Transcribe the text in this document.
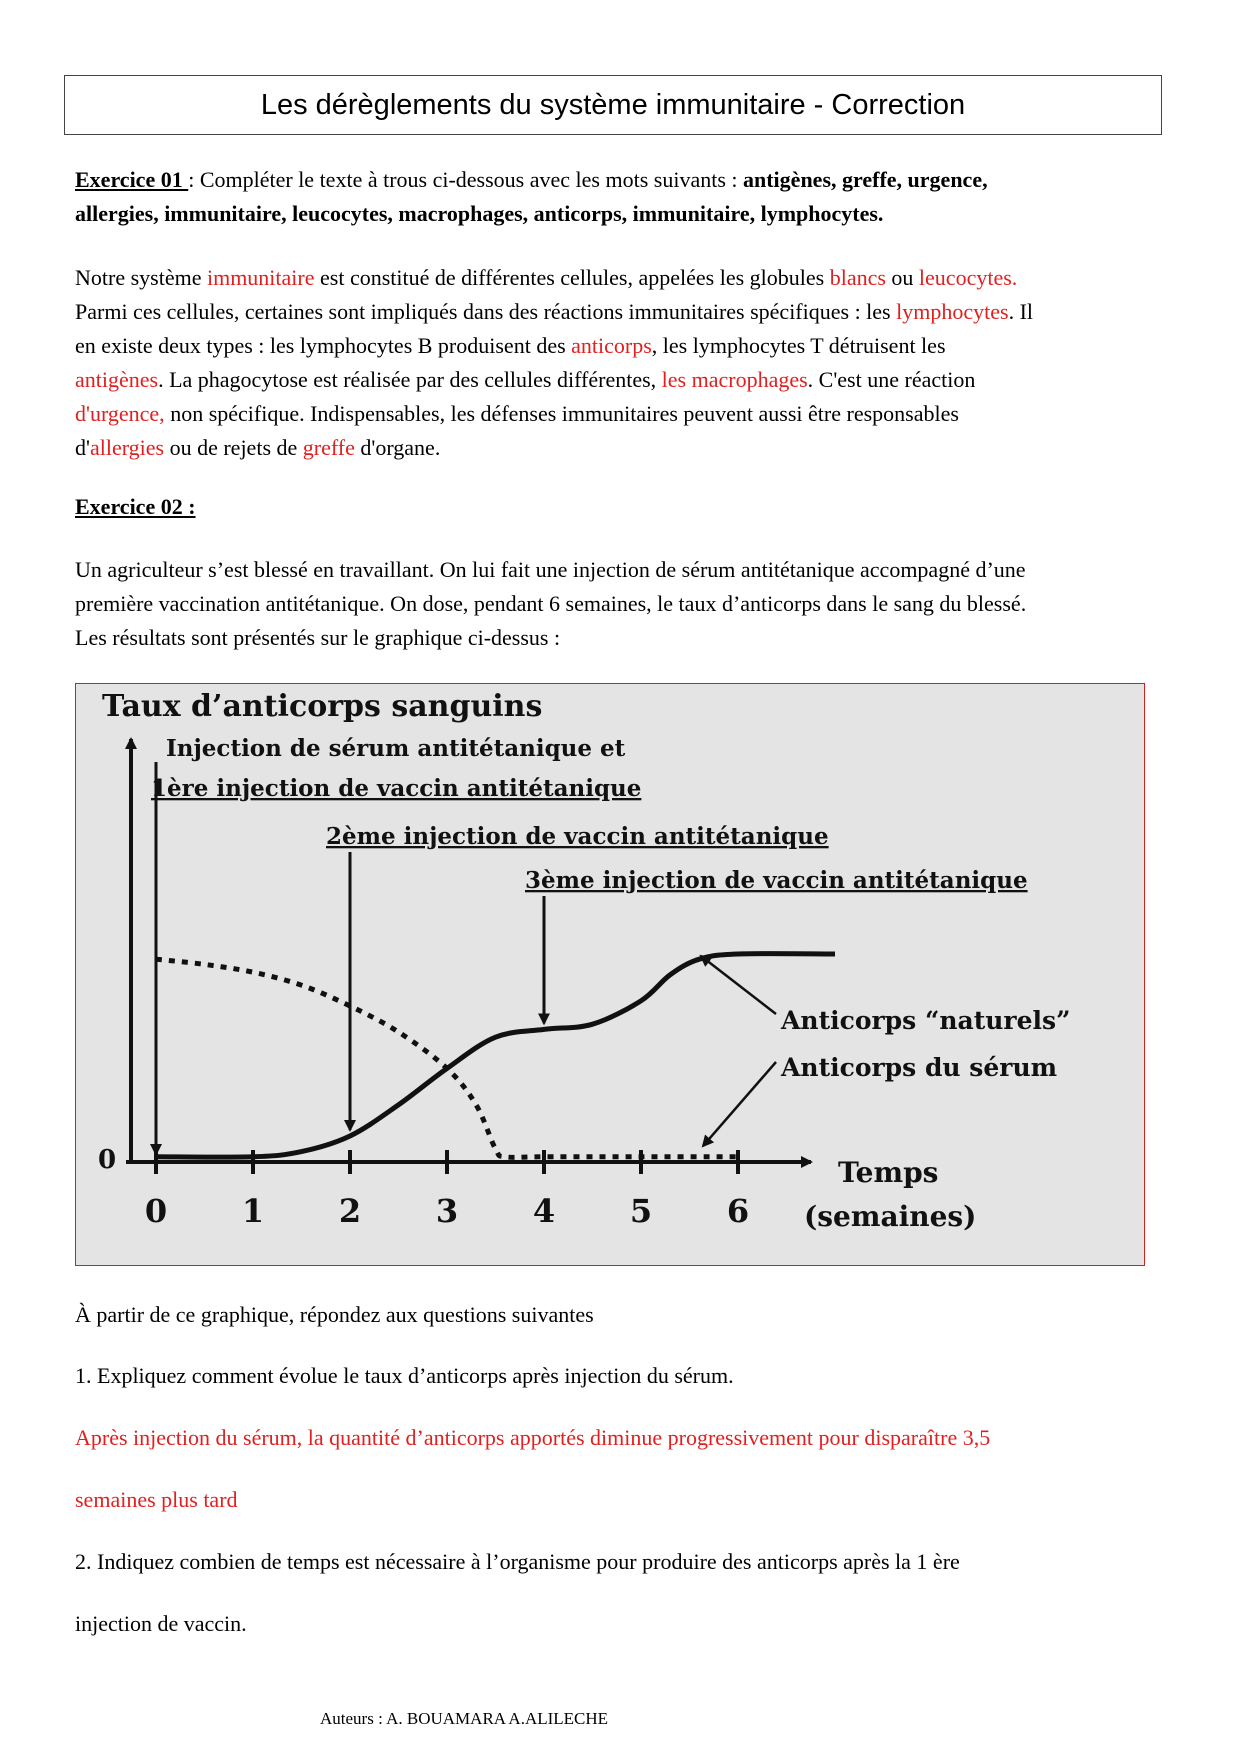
Les dérèglements du système immunitaire - Correction
Exercice 01 : Compléter le texte à trous ci-dessous avec les mots suivants : antigènes, greffe, urgence,
allergies, immunitaire, leucocytes, macrophages, anticorps, immunitaire, lymphocytes.
Notre système immunitaire est constitué de différentes cellules, appelées les globules blancs ou leucocytes.
Parmi ces cellules, certaines sont impliqués dans des réactions immunitaires spécifiques : les lymphocytes. Il
en existe deux types : les lymphocytes B produisent des anticorps, les lymphocytes T détruisent les
antigènes. La phagocytose est réalisée par des cellules différentes, les macrophages. C'est une réaction
d'urgence, non spécifique. Indispensables, les défenses immunitaires peuvent aussi être responsables
d'allergies ou de rejets de greffe d'organe.
Exercice 02 :
Un agriculteur s’est blessé en travaillant. On lui fait une injection de sérum antitétanique accompagné d’une
première vaccination antitétanique. On dose, pendant 6 semaines, le taux d’anticorps dans le sang du blessé.
Les résultats sont présentés sur le graphique ci-dessus :
Taux d’anticorps sanguins
0	Temps
(semaines)
Injection de sérum antitétanique et
1ère injection de vaccin antitétanique
2ème injection de vaccin antitétanique
3ème injection de vaccin antitétanique
Anticorps “naturels”
Anticorps du sérum
0 1 2 3 4 5 6
À partir de ce graphique, répondez aux questions suivantes
1. Expliquez comment évolue le taux d’anticorps après injection du sérum.
Après injection du sérum, la quantité d’anticorps apportés diminue progressivement pour disparaître 3,5
semaines plus tard
2. Indiquez combien de temps est nécessaire à l’organisme pour produire des anticorps après la 1 ère
injection de vaccin.
Auteurs : A. BOUAMARA A.ALILECHE
